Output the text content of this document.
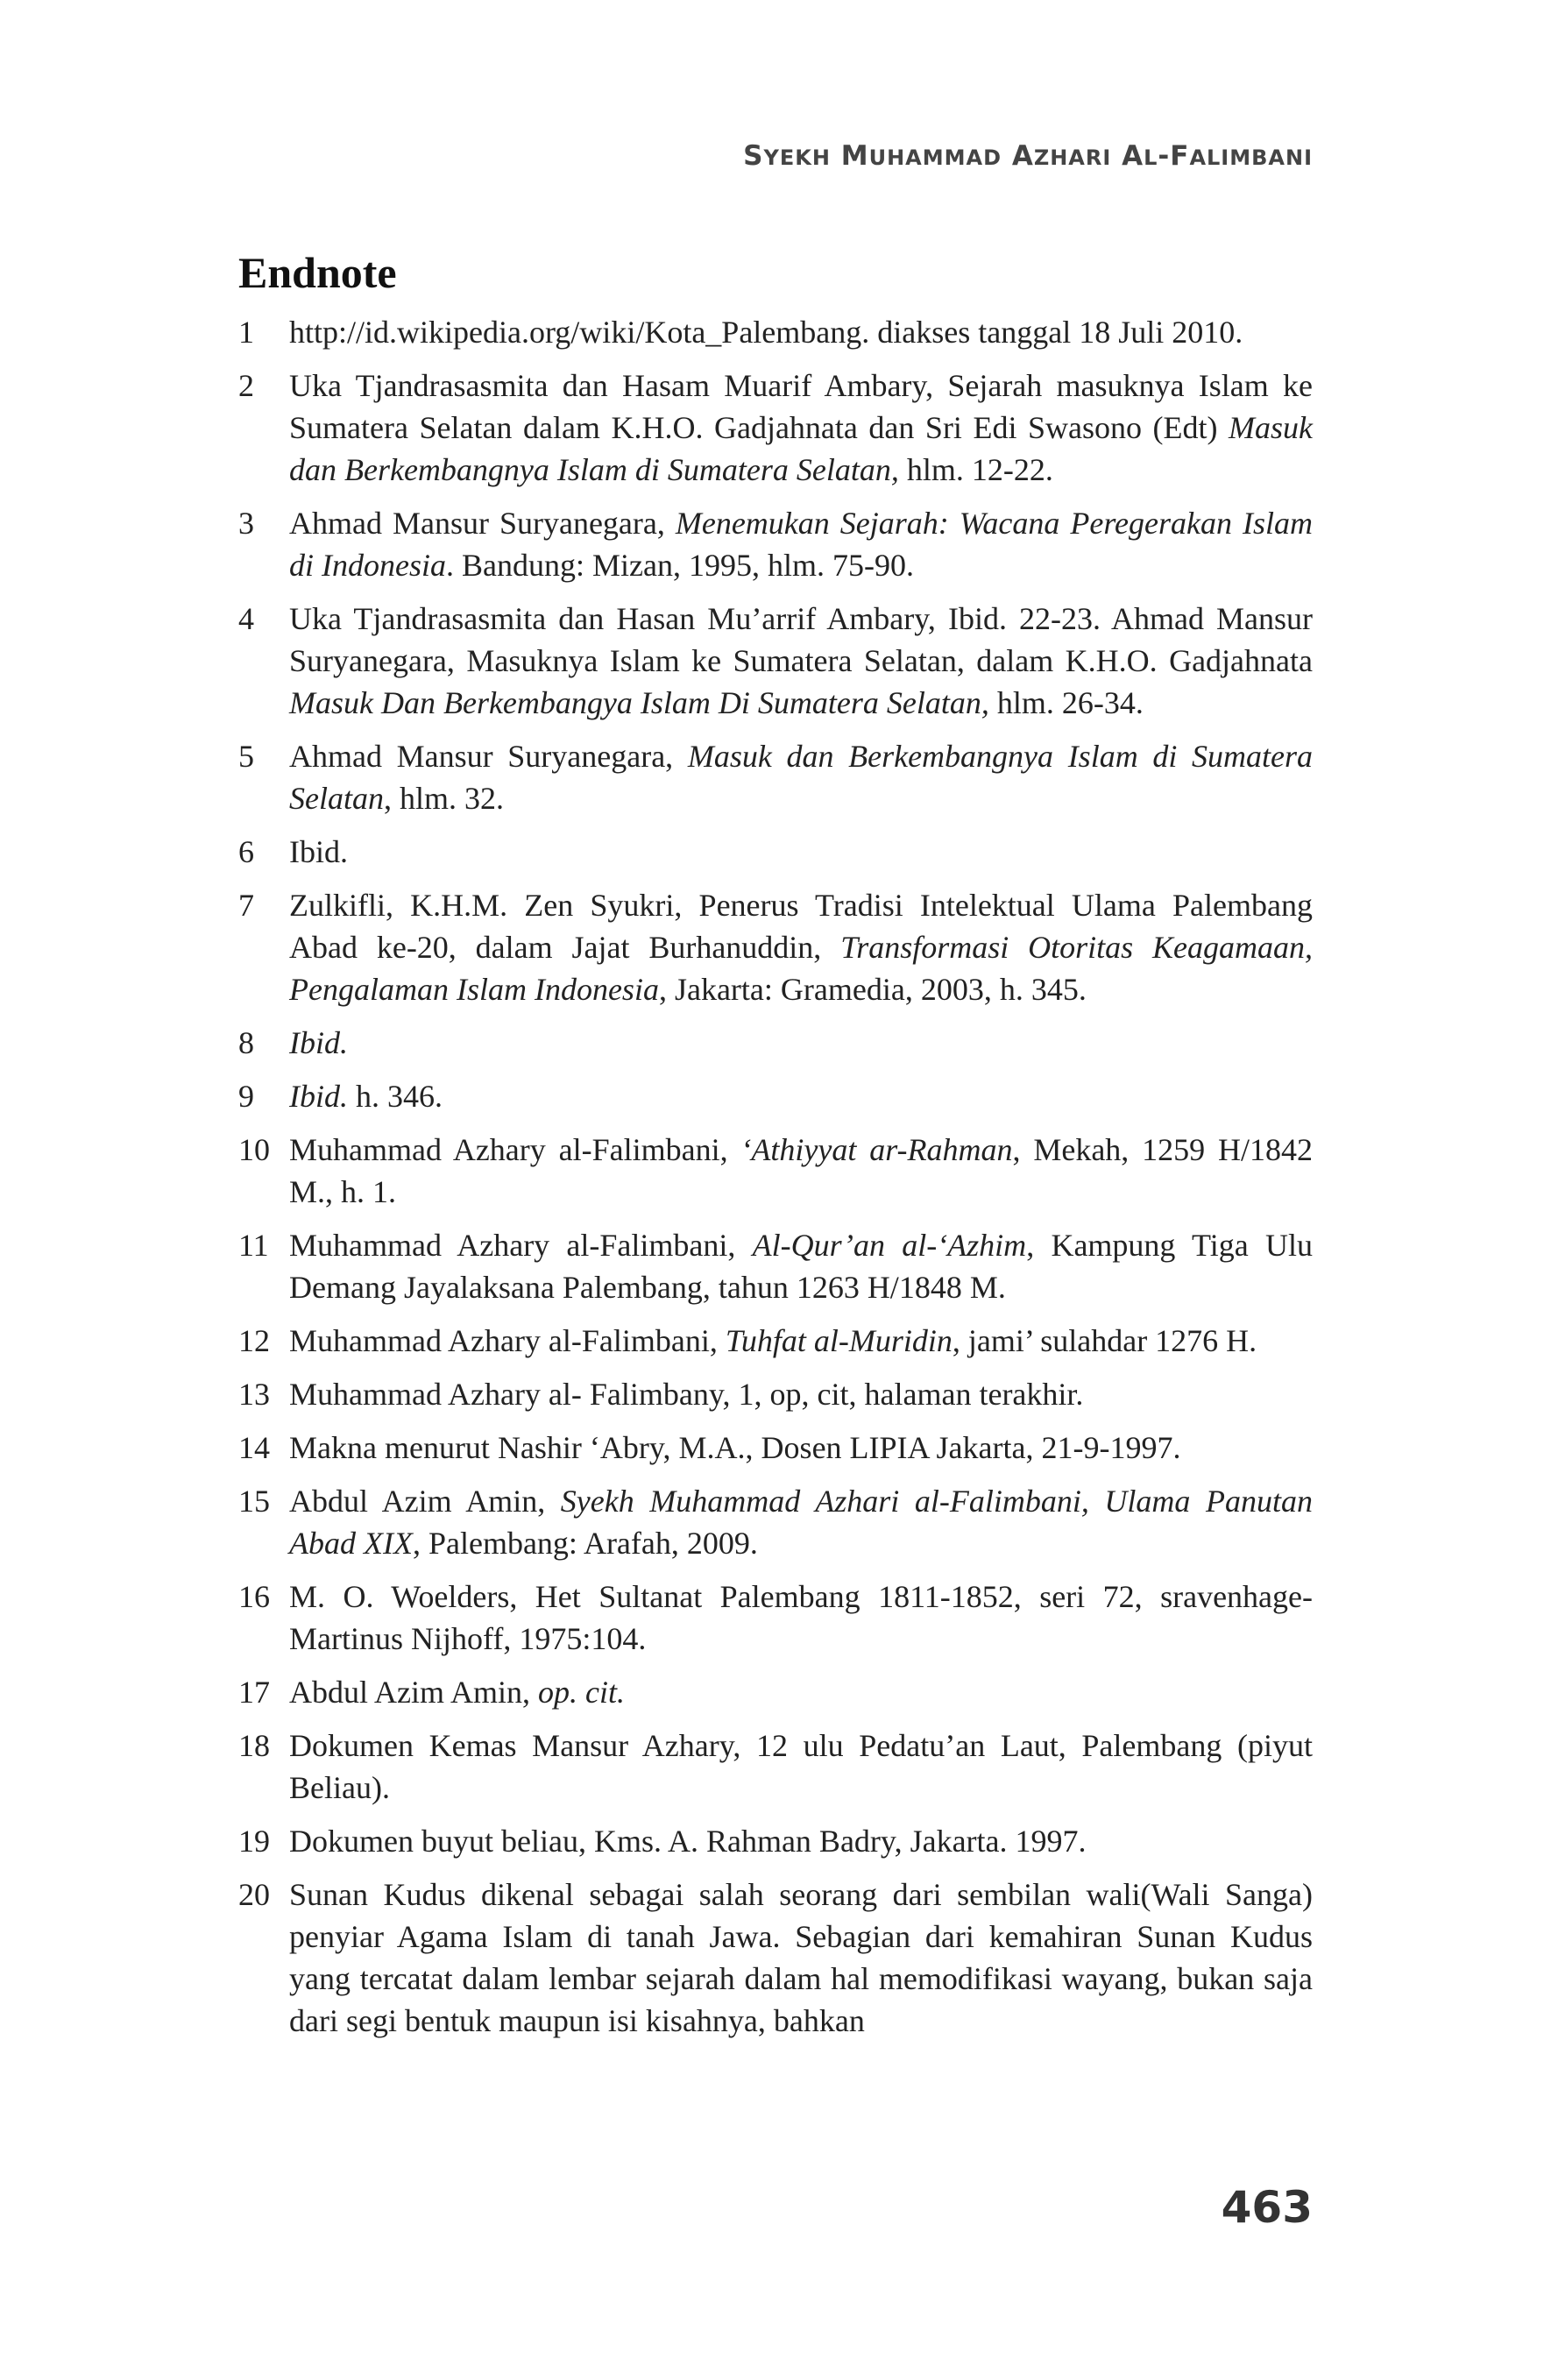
SYEKH MUHAMMAD AZHARI AL-FALIMBANI
Endnote
1	http://id.wikipedia.org/wiki/Kota_Palembang. diakses tanggal 18 Juli 2010.
2	Uka Tjandrasasmita dan Hasam Muarif Ambary, Sejarah masuknya Islam ke Sumatera Selatan dalam K.H.O. Gadjahnata dan Sri Edi Swasono (Edt) Masuk dan Berkembangnya Islam di Sumatera Selatan, hlm. 12-22.
3	Ahmad Mansur Suryanegara, Menemukan Sejarah: Wacana Peregerakan Islam di Indonesia. Bandung: Mizan, 1995, hlm. 75-90.
4	Uka Tjandrasasmita dan Hasan Mu’arrif Ambary, Ibid. 22-23. Ahmad Mansur Suryanegara, Masuknya Islam ke Sumatera Selatan, dalam K.H.O. Gadjahnata Masuk Dan Berkembangya Islam Di Sumatera Selatan, hlm. 26-34.
5	Ahmad Mansur Suryanegara, Masuk dan Berkembangnya Islam di Sumatera Selatan, hlm. 32.
6	Ibid.
7	Zulkifli, K.H.M. Zen Syukri, Penerus Tradisi Intelektual Ulama Palembang Abad ke-20, dalam Jajat Burhanuddin, Transformasi Otoritas Keagamaan, Pengalaman Islam Indonesia, Jakarta: Gramedia, 2003, h. 345.
8	Ibid.
9	Ibid. h. 346.
10 Muhammad Azhary al-Falimbani, ‘Athiyyat ar-Rahman, Mekah, 1259 H/1842 M., h. 1.
11 Muhammad Azhary al-Falimbani, Al-Qur’an al-‘Azhim, Kampung Tiga Ulu Demang Jayalaksana Palembang, tahun 1263 H/1848 M.
12 Muhammad Azhary al-Falimbani, Tuhfat al-Muridin, jami’ sulahdar 1276 H.
13 Muhammad Azhary al- Falimbany, 1, op, cit, halaman terakhir.
14 Makna menurut Nashir ‘Abry, M.A., Dosen LIPIA Jakarta, 21-9-1997.
15 Abdul Azim Amin, Syekh Muhammad Azhari al-Falimbani, Ulama Panutan Abad XIX, Palembang: Arafah, 2009.
16 M. O. Woelders, Het Sultanat Palembang 1811-1852, seri 72, sravenhage-Martinus Nijhoff, 1975:104.
17 Abdul Azim Amin, op. cit.
18 Dokumen Kemas Mansur Azhary, 12 ulu Pedatu’an Laut, Palembang (piyut Beliau).
19 Dokumen buyut beliau, Kms. A. Rahman Badry, Jakarta. 1997.
20 Sunan Kudus dikenal sebagai salah seorang dari sembilan wali(Wali Sanga) penyiar Agama Islam di tanah Jawa. Sebagian dari kemahiran Sunan Kudus yang tercatat dalam lembar sejarah dalam hal memodifikasi wayang, bukan saja dari segi bentuk maupun isi kisahnya, bahkan
463
